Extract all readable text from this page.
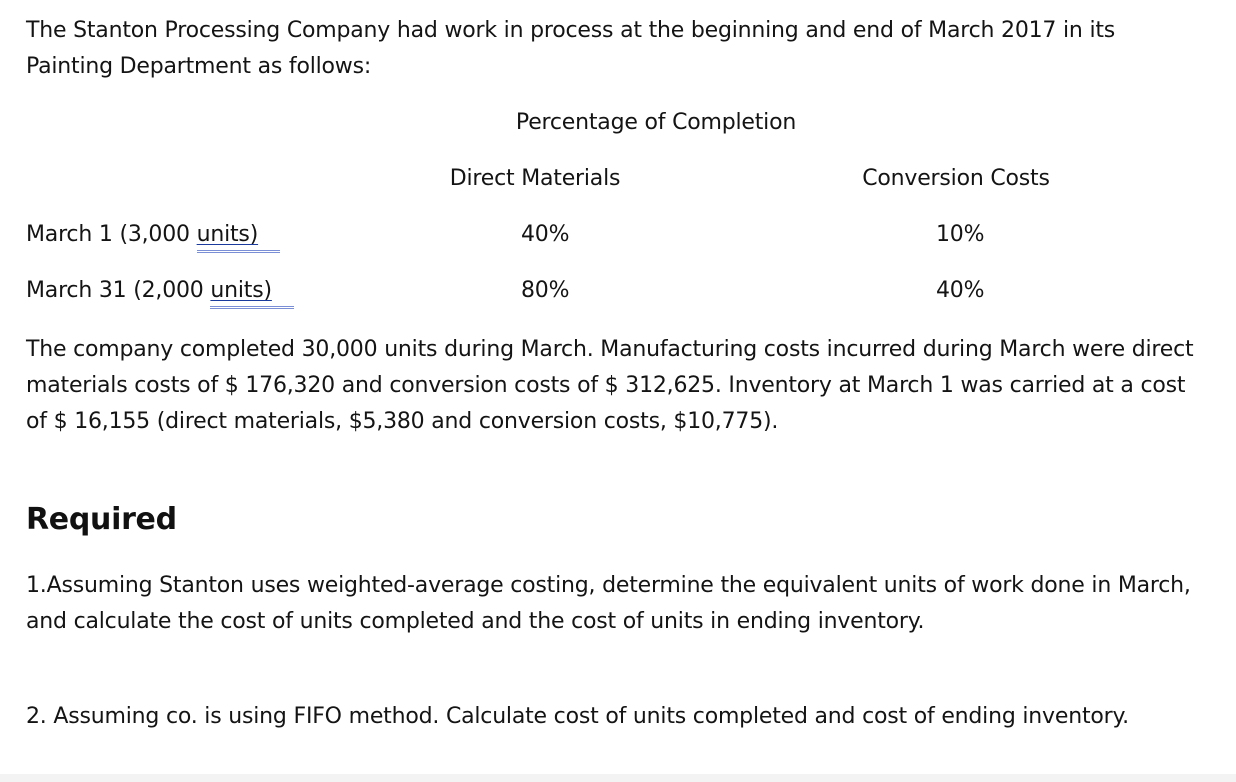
The Stanton Processing Company had work in process at the beginning and end of March 2017 in its Painting Department as follows:
Percentage of Completion
Direct Materials	Conversion Costs
March 1 (3,000 units)	40%	10%
March 31 (2,000 units)	80%	40%
The company completed 30,000 units during March. Manufacturing costs incurred during March were direct materials costs of $ 176,320 and conversion costs of $ 312,625. Inventory at March 1 was carried at a cost of $ 16,155 (direct materials, $5,380 and conversion costs, $10,775).
Required
1.Assuming Stanton uses weighted-average costing, determine the equivalent units of work done in March, and calculate the cost of units completed and the cost of units in ending inventory.
2. Assuming co. is using FIFO method. Calculate cost of units completed and cost of ending inventory.
